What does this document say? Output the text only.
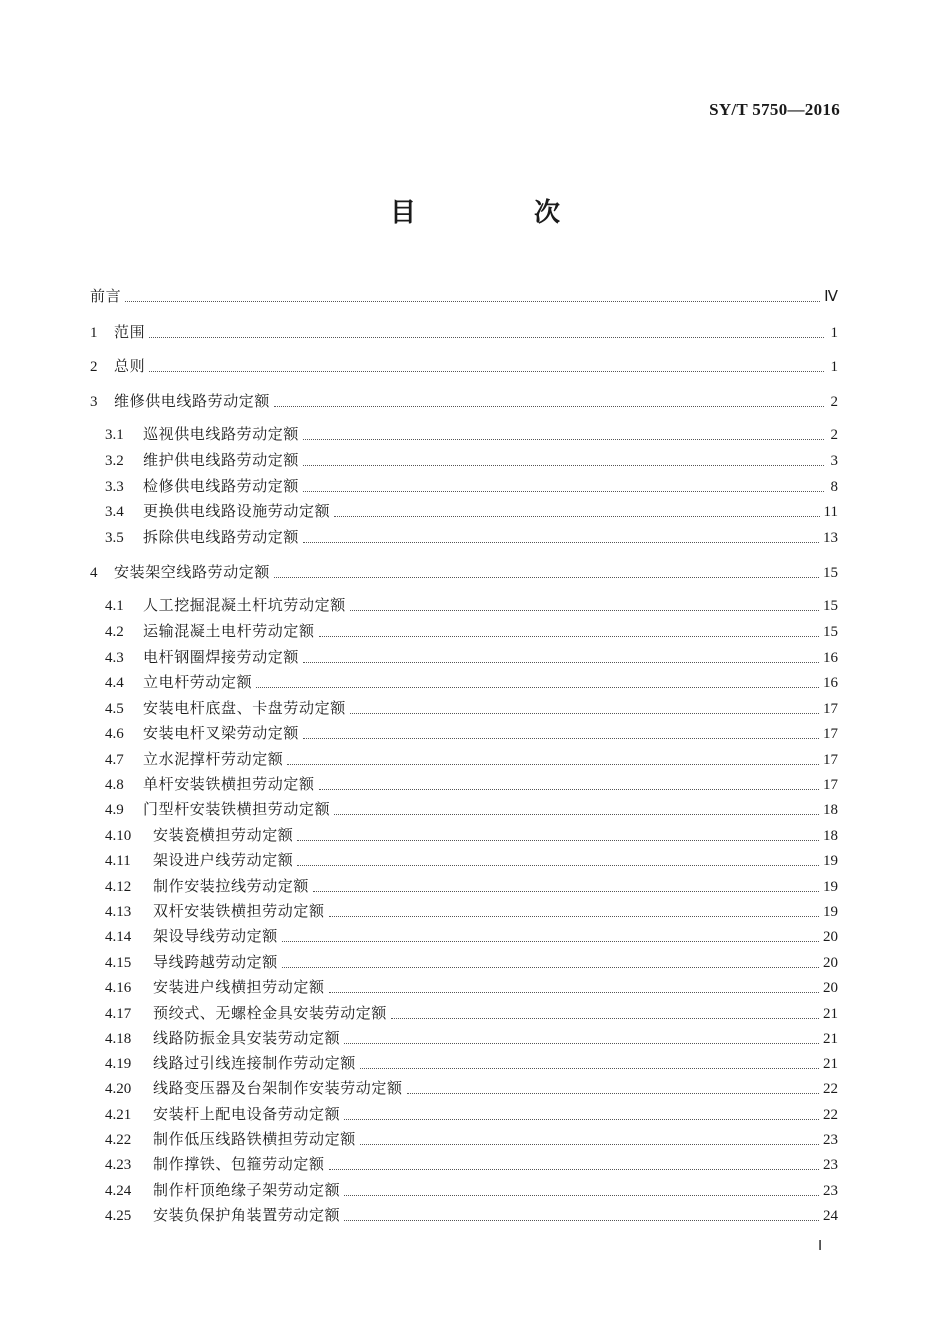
SY/T 5750—2016
目　次
前言	Ⅳ
1	范围	1
2	总则	1
3	维修供电线路劳动定额	2
3.1	巡视供电线路劳动定额	2
3.2	维护供电线路劳动定额	3
3.3	检修供电线路劳动定额	8
3.4	更换供电线路设施劳动定额	11
3.5	拆除供电线路劳动定额	13
4	安装架空线路劳动定额	15
4.1	人工挖掘混凝土杆坑劳动定额	15
4.2	运输混凝土电杆劳动定额	15
4.3	电杆钢圈焊接劳动定额	16
4.4	立电杆劳动定额	16
4.5	安装电杆底盘、卡盘劳动定额	17
4.6	安装电杆叉梁劳动定额	17
4.7	立水泥撑杆劳动定额	17
4.8	单杆安装铁横担劳动定额	17
4.9	门型杆安装铁横担劳动定额	18
4.10	安装瓷横担劳动定额	18
4.11	架设进户线劳动定额	19
4.12	制作安装拉线劳动定额	19
4.13	双杆安装铁横担劳动定额	19
4.14	架设导线劳动定额	20
4.15	导线跨越劳动定额	20
4.16	安装进户线横担劳动定额	20
4.17	预绞式、无螺栓金具安装劳动定额	21
4.18	线路防振金具安装劳动定额	21
4.19	线路过引线连接制作劳动定额	21
4.20	线路变压器及台架制作安装劳动定额	22
4.21	安装杆上配电设备劳动定额	22
4.22	制作低压线路铁横担劳动定额	23
4.23	制作撑铁、包箍劳动定额	23
4.24	制作杆顶绝缘子架劳动定额	23
4.25	安装负保护角装置劳动定额	24
Ⅰ
